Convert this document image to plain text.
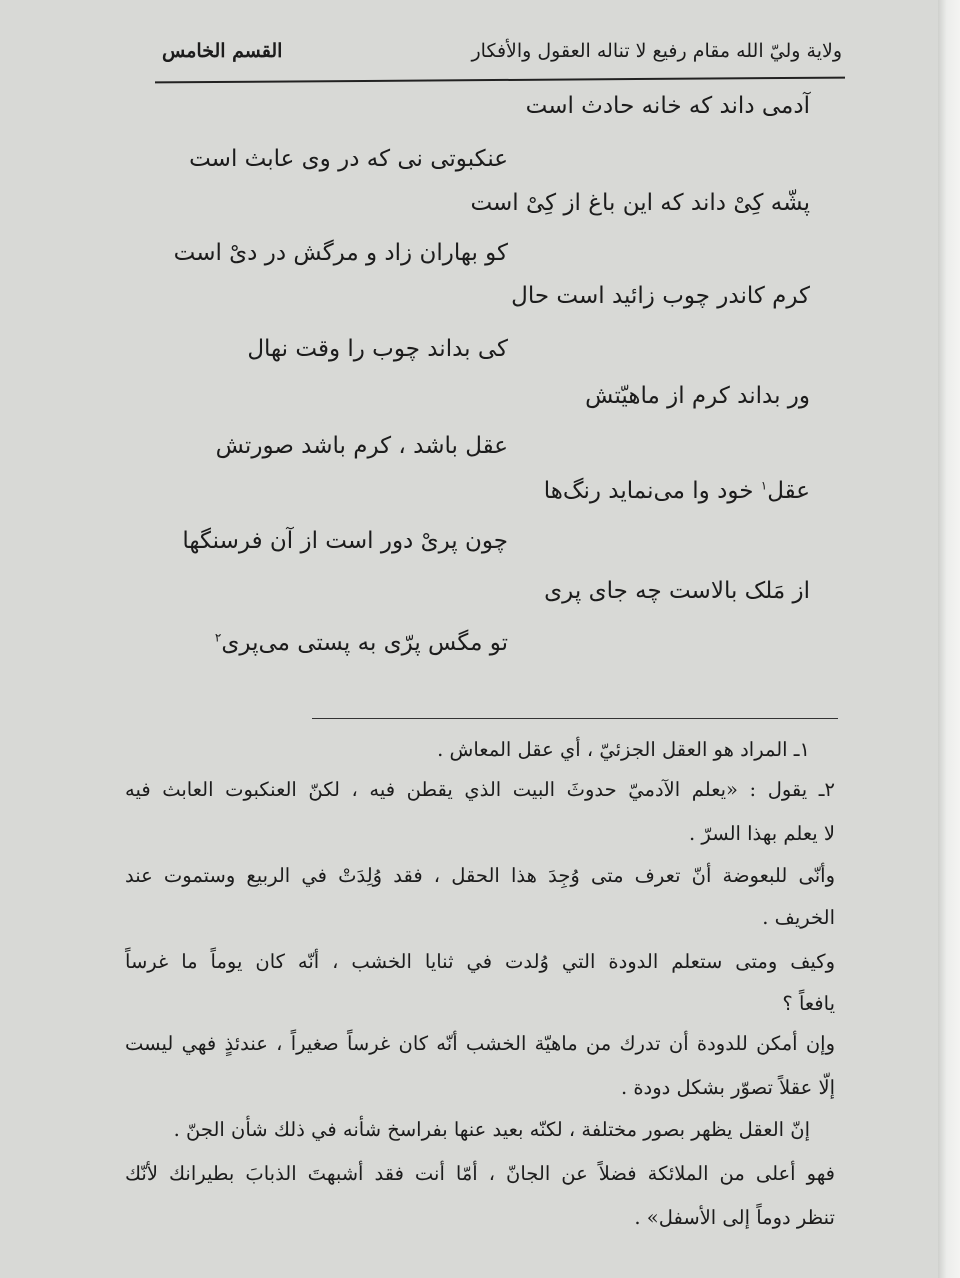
ولاية وليّ الله مقام رفيع لا تناله العقول والأفكار
القسم الخامس
آدمی داند که خانه حادث است
عنکبوتی نی که در وی عابث است
پشّه کِیْ داند که این باغ از کِیْ است
کو بهاران زاد و مرگش در دیْ است
کرم کاندر چوب زائید است حال
کی بداند چوب را وقت نهال
ور بداند کرم از ماهیّتش
عقل باشد ، کرم باشد صورتش
عقل$^١$ خود وا می‌نماید رنگ‌ها
چون پریْ دور است از آن فرسنگها
از مَلک بالاست چه جای پری
تو مگس پرّی به پستی می‌پری$^٢$
١ـ المراد هو العقل الجزئيّ ، أي عقل المعاش .
٢ـ يقول : «يعلم الآدميّ حدوثَ البيت الذي يقطن فيه ، لكنّ العنكبوت العابث فيه
لا يعلم بهذا السرّ .
وأنّى للبعوضة أنّ تعرف متى وُجِدَ هذا الحقل ، فقد وُلِدَتْ في الربيع وستموت عند
الخريف .
وكيف ومتى ستعلم الدودة التي وُلدت في ثنايا الخشب ، أنّه كان يوماً ما غرساً
يافعاً ؟
وإن أمكن للدودة أن تدرك من ماهيّة الخشب أنّه كان غرساً صغيراً ، عندئذٍ فهي ليست
إلّا عقلاً تصوّر بشكل دودة .
إنّ العقل يظهر بصور مختلفة ، لكنّه بعيد عنها بفراسخ شأنه في ذلك شأن الجنّ .
فهو أعلى من الملائكة فضلاً عن الجانّ ، أمّا أنت فقد أشبهتَ الذبابَ بطيرانك لأنّك
تنظر دوماً إلى الأسفل» .
